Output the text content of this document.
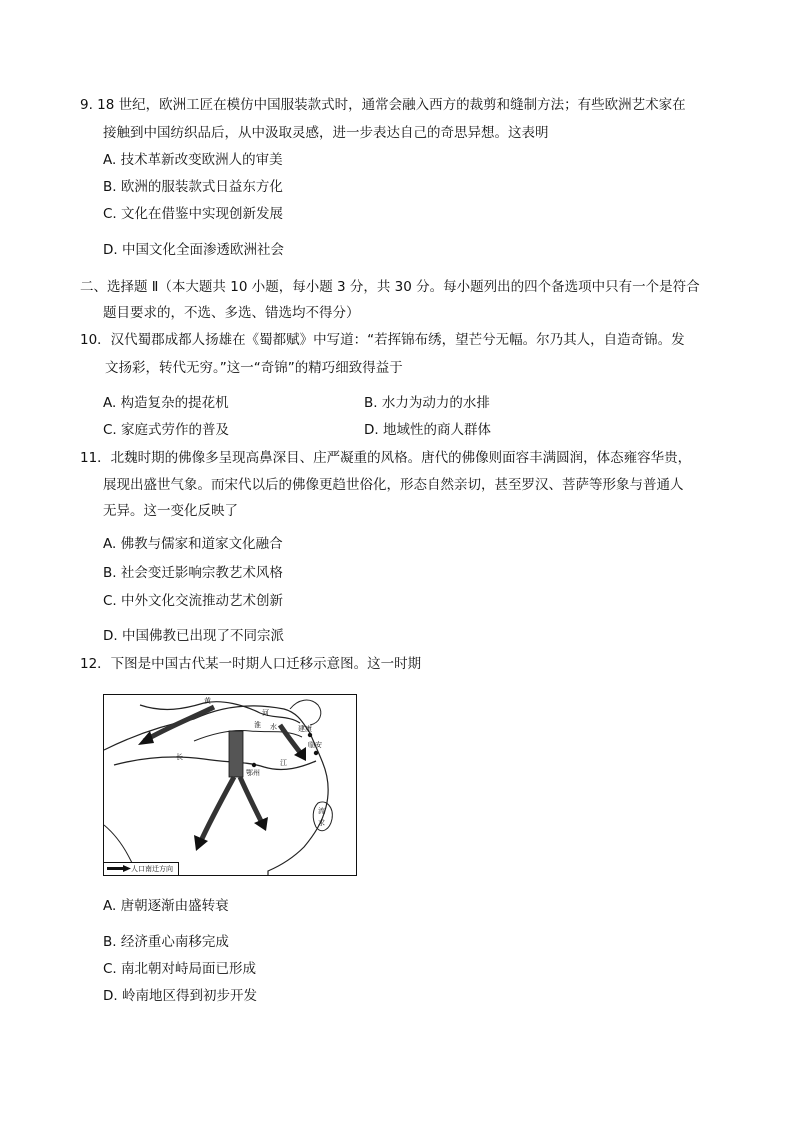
9. 18 世纪，欧洲工匠在模仿中国服装款式时，通常会融入西方的裁剪和缝制方法；有些欧洲艺术家在
接触到中国纺织品后，从中汲取灵感，进一步表达自己的奇思异想。这表明
A. 技术革新改变欧洲人的审美
B. 欧洲的服装款式日益东方化
C. 文化在借鉴中实现创新发展
D. 中国文化全面渗透欧洲社会
二、选择题 Ⅱ（本大题共 10 小题，每小题 3 分，共 30 分。每小题列出的四个备选项中只有一个是符合
题目要求的，不选、多选、错选均不得分）
10．汉代蜀郡成都人扬雄在《蜀都赋》中写道：“若挥锦布绣，望芒兮无幅。尔乃其人，自造奇锦。发
文扬彩，转代无穷。”这一“奇锦”的精巧细致得益于
A. 构造复杂的提花机	B. 水力为动力的水排
C. 家庭式劳作的普及	D. 地域性的商人群体
11．北魏时期的佛像多呈现高鼻深目、庄严凝重的风格。唐代的佛像则面容丰满圆润，体态雍容华贵，
展现出盛世气象。而宋代以后的佛像更趋世俗化，形态自然亲切，甚至罗汉、菩萨等形象与普通人
无异。这一变化反映了
A. 佛教与儒家和道家文化融合
B. 社会变迁影响宗教艺术风格
C. 中外文化交流推动艺术创新
D. 中国佛教已出现了不同宗派
12．下图是中国古代某一时期人口迁移示意图。这一时期
黄
河
淮 水	建康
临安
长
江
鄂州
流
求
人口南迁方向
A. 唐朝逐渐由盛转衰
B. 经济重心南移完成
C. 南北朝对峙局面已形成
D. 岭南地区得到初步开发
